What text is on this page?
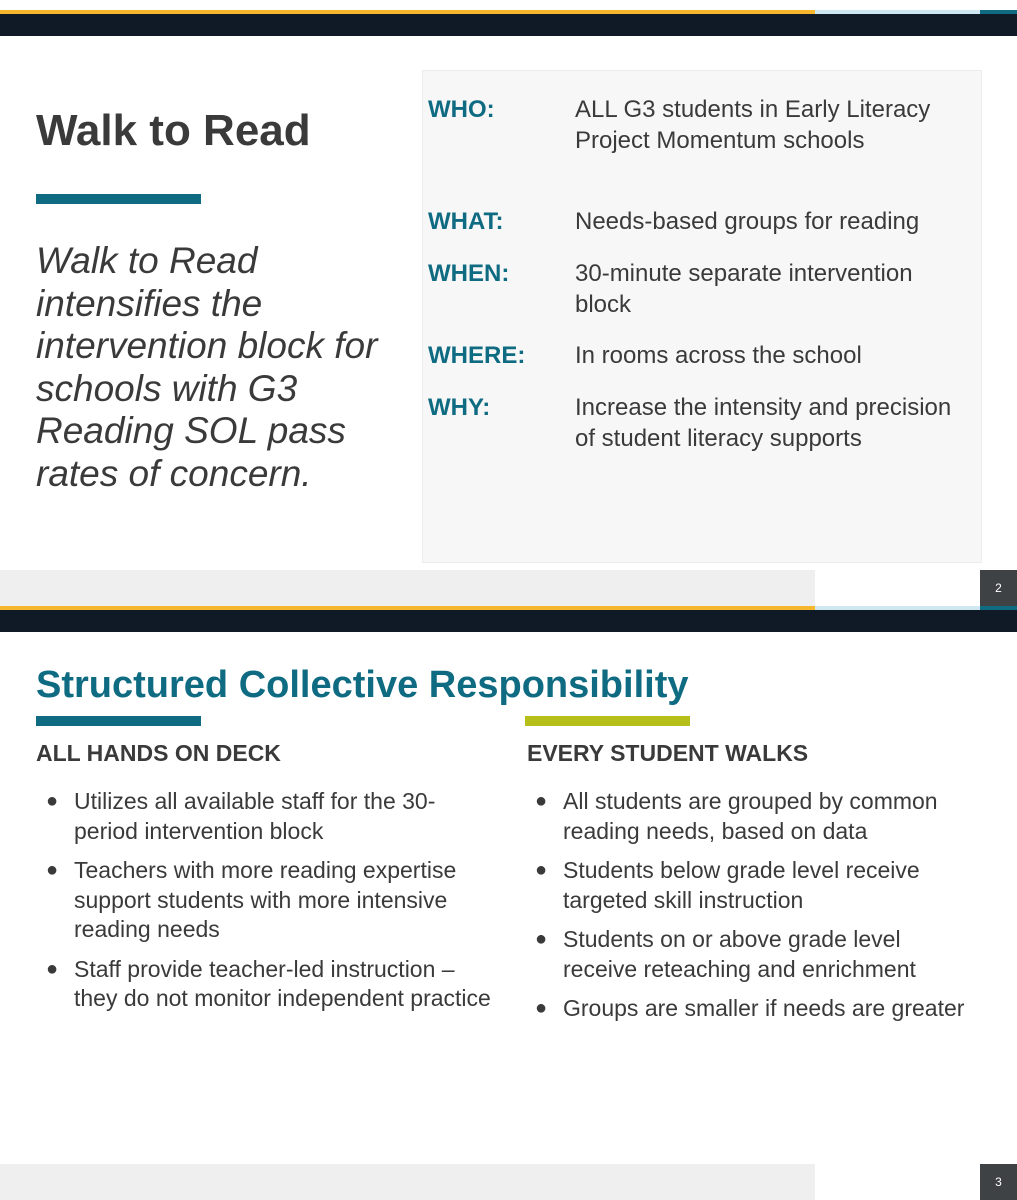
Walk to Read

Walk to Read intensifies the intervention block for schools with G3 Reading SOL pass rates of concern.

WHO:	ALL G3 students in Early Literacy Project Momentum schools

WHAT:	Needs-based groups for reading

WHEN:	30-minute separate intervention block

WHERE: In rooms across the school

WHY:	Increase the intensity and precision of student literacy supports

2
Structured Collective Responsibility
ALL HANDS ON DECK
● Utilizes all available staff for the 30-period intervention block
● Teachers with more reading expertise support students with more intensive reading needs
● Staff provide teacher-led instruction – they do not monitor independent practice
EVERY STUDENT WALKS
● All students are grouped by common reading needs, based on data
● Students below grade level receive targeted skill instruction
● Students on or above grade level receive reteaching and enrichment
● Groups are smaller if needs are greater
3
